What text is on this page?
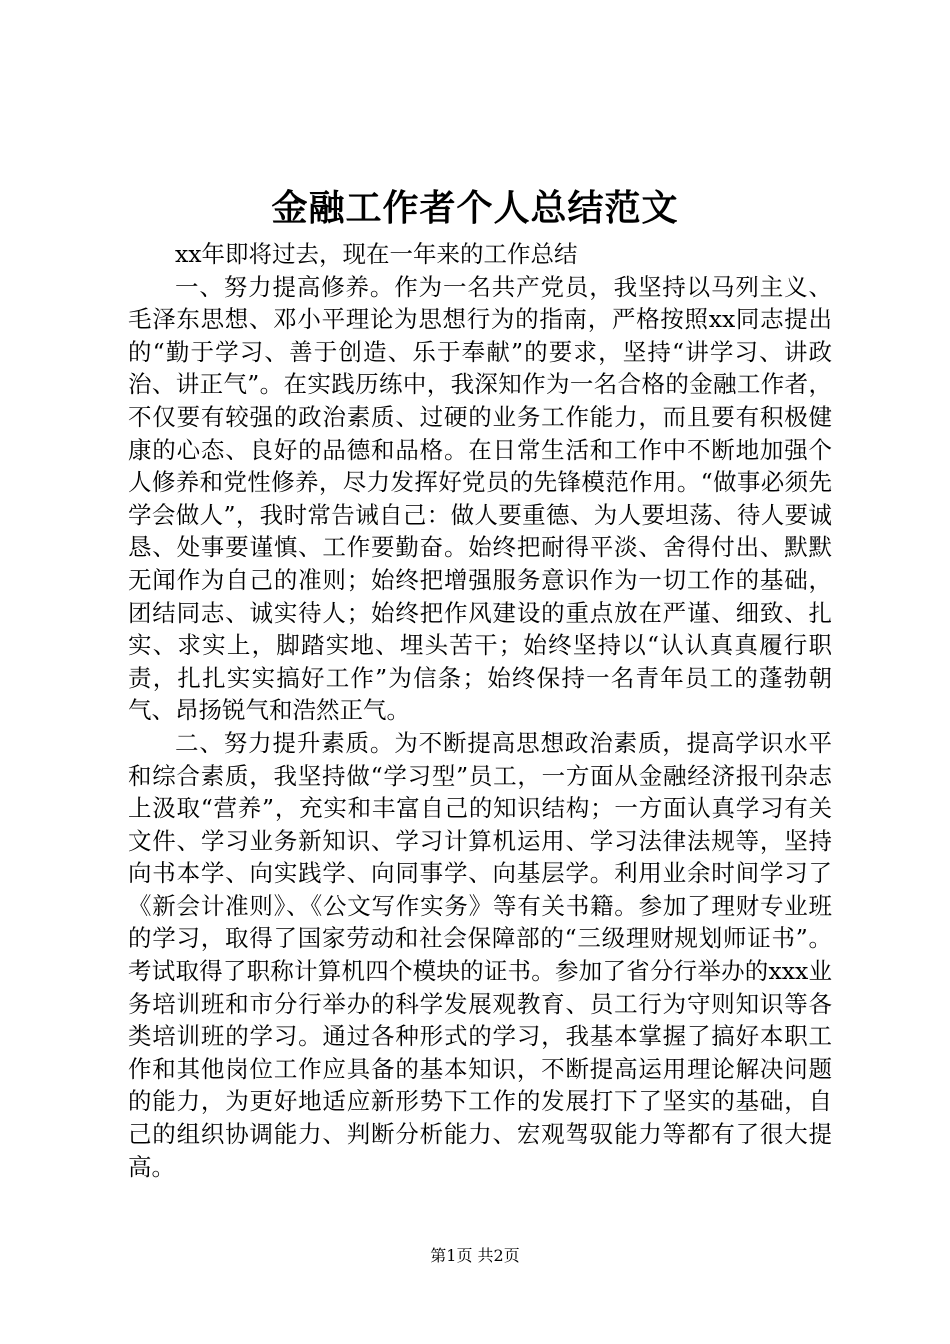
金融工作者个人总结范文

xx年即将过去，现在一年来的工作总结

一、努力提高修养。作为一名共产党员，我坚持以马列主义、毛泽东思想、邓小平理论为思想行为的指南，严格按照xx同志提出的“勤于学习、善于创造、乐于奉献”的要求，坚持“讲学习、讲政治、讲正气”。在实践历练中，我深知作为一名合格的金融工作者，不仅要有较强的政治素质、过硬的业务工作能力，而且要有积极健康的心态、良好的品德和品格。在日常生活和工作中不断地加强个人修养和党性修养，尽力发挥好党员的先锋模范作用。“做事必须先学会做人”，我时常告诫自己：做人要重德、为人要坦荡、待人要诚恳、处事要谨慎、工作要勤奋。始终把耐得平淡、舍得付出、默默无闻作为自己的准则；始终把增强服务意识作为一切工作的基础，团结同志、诚实待人；始终把作风建设的重点放在严谨、细致、扎实、求实上，脚踏实地、埋头苦干；始终坚持以“认认真真履行职责，扎扎实实搞好工作”为信条；始终保持一名青年员工的蓬勃朝气、昂扬锐气和浩然正气。

二、努力提升素质。为不断提高思想政治素质，提高学识水平和综合素质，我坚持做“学习型”员工，一方面从金融经济报刊杂志上汲取“营养”，充实和丰富自己的知识结构；一方面认真学习有关文件、学习业务新知识、学习计算机运用、学习法律法规等，坚持向书本学、向实践学、向同事学、向基层学。利用业余时间学习了《新会计准则》、《公文写作实务》等有关书籍。参加了理财专业班的学习，取得了国家劳动和社会保障部的“三级理财规划师证书”。考试取得了职称计算机四个模块的证书。参加了省分行举办的xxx业务培训班和市分行举办的科学发展观教育、员工行为守则知识等各类培训班的学习。通过各种形式的学习，我基本掌握了搞好本职工作和其他岗位工作应具备的基本知识，不断提高运用理论解决问题的能力，为更好地适应新形势下工作的发展打下了坚实的基础，自己的组织协调能力、判断分析能力、宏观驾驭能力等都有了很大提高。

第1页 共2页
